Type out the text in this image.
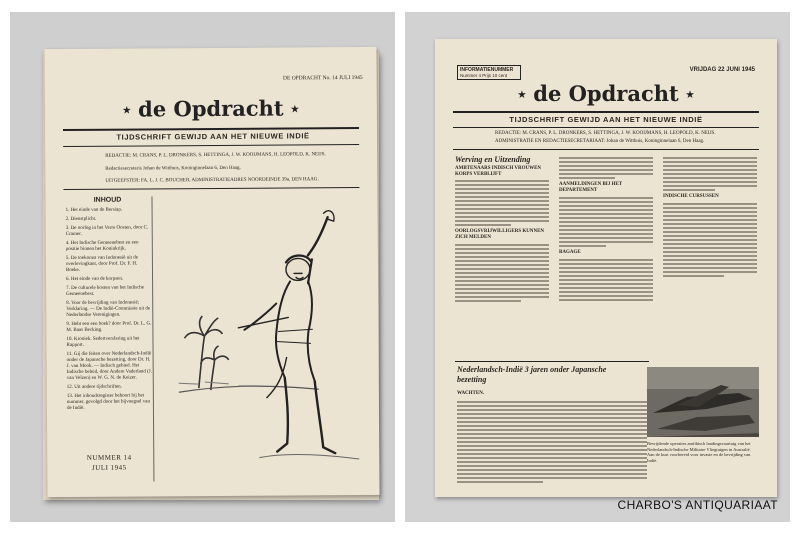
DE OPDRACHT No. 14 JULI 1945
★ de Opdracht ★
TIJDSCHRIFT GEWIJD AAN HET NIEUWE INDIË
REDACTIE: M. CRANS, P. L. DRONKERS, S. HETTINGA, J. W. KOOIJMANS, H. LEOPOLD, K. NEIJS.
Redactiesecretaris Johan de Witthuis, Koninginnelaan 6, Den Haag.
UITGEEFSTER: FA. L. J. C. BOUCHER, ADMINISTRATIEADRES NOORDEINDE 39a, DEN HAAG.
INHOUD
1. Het einde van de Bersiap.
2. Dienstplicht.
3. De oorlog in het Verre Oosten, door C. Cramer.
4. Het Indische Gemeenebest en een positie binnen het Koninkrijk.
5. De toekomst van Indonesië uit de overlevingkant, door Prof. Dr. F. H. Boeke.
6. Het einde van de korpsen.
7. De culturele kosten van het Indische Gemeenebest.
8. Voor de bevrijding van Indonesië; Verklaring. — De Indië-Commissie uit de Nederlandse Verenigingen.
9. Hebt een een boek? door Prof. Dr. L. G. M. Baas Becking.
10. Kroniek. Sedertverslaring uit het Rapport.
11. Gij die feiten over Nederlandsch-Indië onder de Japansche bezetting, door Dr. H. J. van Mook. — Indisch gebied. Het Indische beleid, door Andere Vaderland (J. van Velzen) en W. G. N. de Keizer.
12. Uit andere tijdschriften.
13. Het inhoudsregister behoort bij het nummer, gevolgd door het bijvoegsel van de Indië.
NUMMER 14
JULI 1945
INFORMATIENUMMER
Nummer 4 Prijs 10 cent
VRIJDAG 22 JUNI 1945
★ de Opdracht ★
TIJDSCHRIFT GEWIJD AAN HET NIEUWE INDIË
REDACTIE: M. CRANS, P. L. DRONKERS, S. HETTINGA, J. W. KOOIJMANS, H. LEOPOLD, K. NEIJS.
ADMINISTRATIE EN REDACTIESECRETARIAAT: Johan de Witthuis, Koninginnelaan 6, Den Haag.
Werving en Uitzending
AMBTENAARS INDISCH VROUWEN KORPS VERBLIJFT
OORLOGSVRIJWILLIGERS KUNNEN ZICH MELDEN
AANMELDINGEN BIJ HET DEPARTEMENT
BAGAGE
INDISCHE CURSUSSEN
Nederlandsch-Indië 3 jaren onder Japansche bezetting
WACHTEN.
Bevrijdende operaties amfibisch landingsvaartuig van het Nederlandsch-Indische Militaire Vliegtuigen in Australië. Aan de kust voorbereid voor invasie en de bevrijding van Indië.
CHARBO'S ANTIQUARIAAT
